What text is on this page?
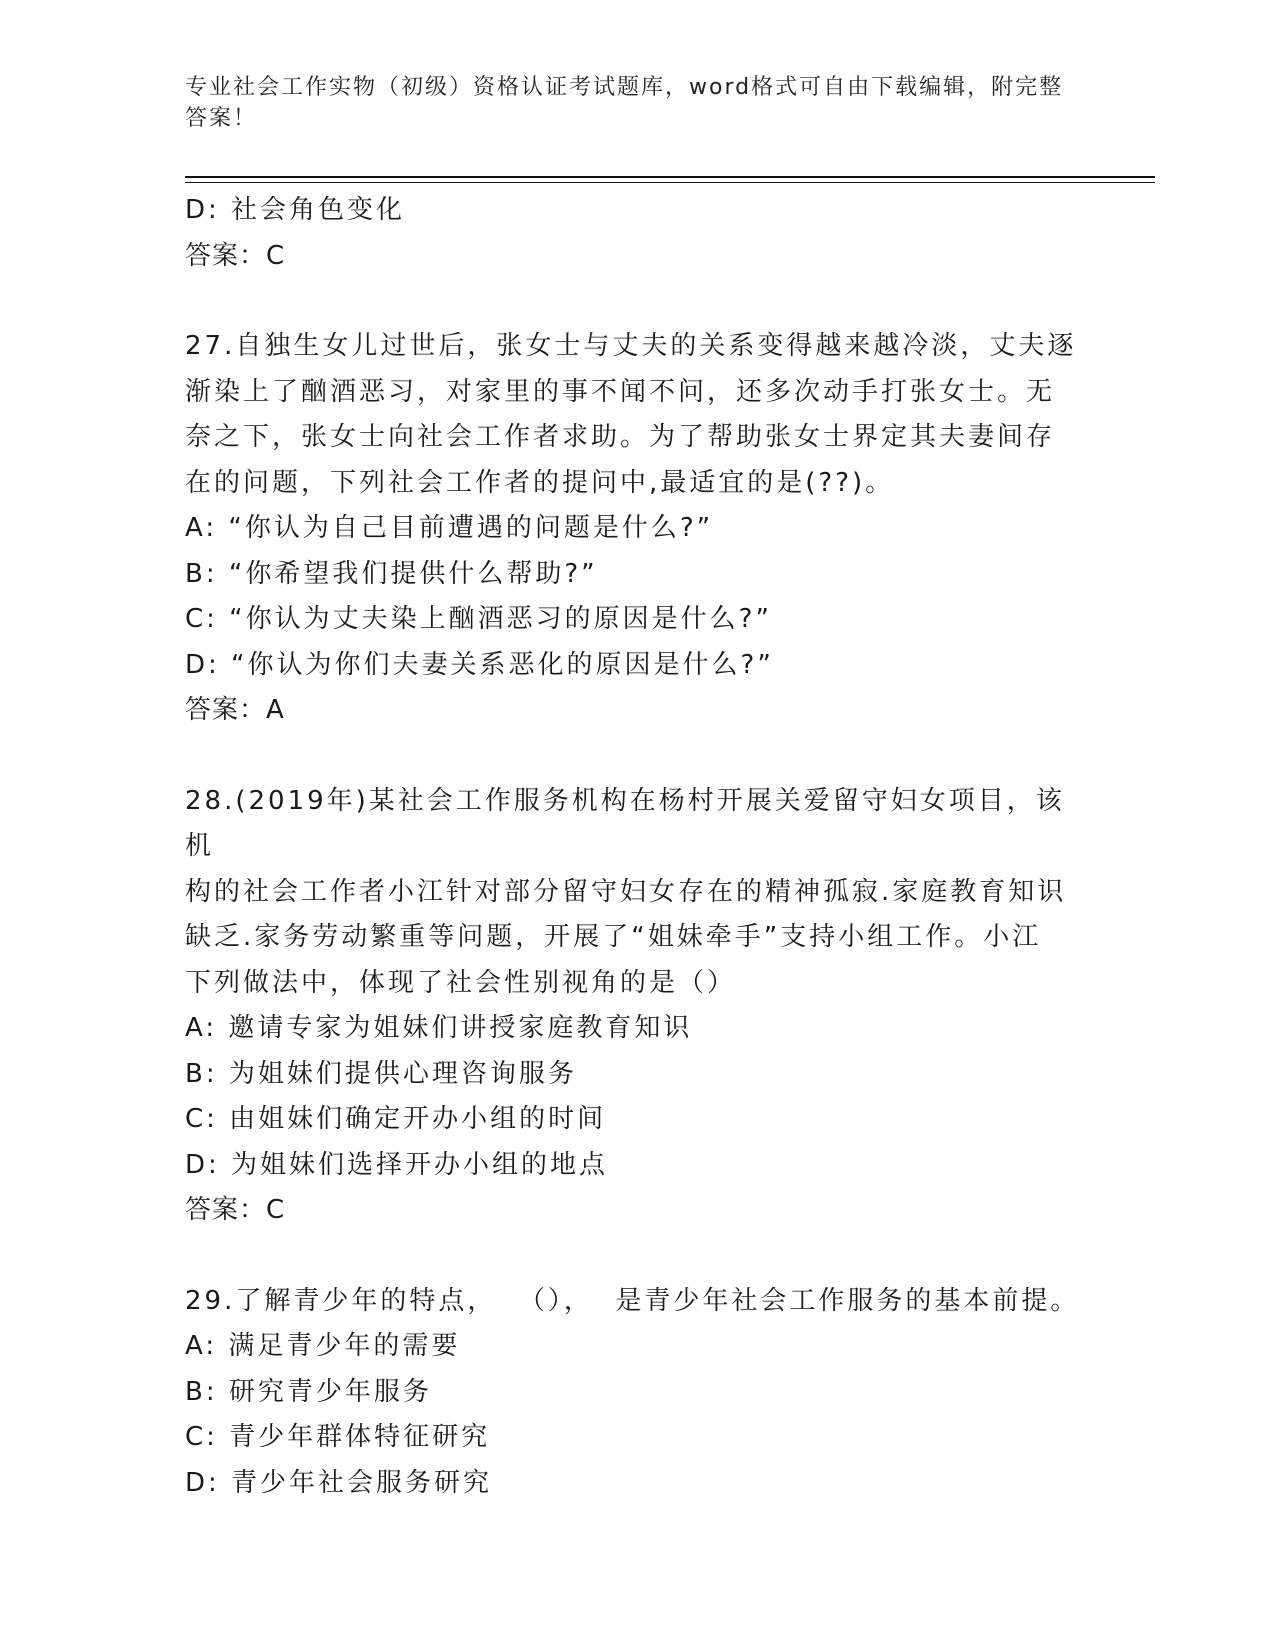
专业社会工作实物（初级）资格认证考试题库，word格式可自由下载编辑，附完整答案！
D: 社会角色变化
答案：C
27.自独生女儿过世后，张女士与丈夫的关系变得越来越冷淡，丈夫逐
渐染上了酗酒恶习，对家里的事不闻不问，还多次动手打张女士。无
奈之下，张女士向社会工作者求助。为了帮助张女士界定其夫妻间存
在的问题，下列社会工作者的提问中,最适宜的是(??)。
A: “你认为自己目前遭遇的问题是什么?”
B: “你希望我们提供什么帮助?”
C: “你认为丈夫染上酗酒恶习的原因是什么?”
D: “你认为你们夫妻关系恶化的原因是什么?”
答案：A
28.(2019年)某社会工作服务机构在杨村开展关爱留守妇女项目，该机
构的社会工作者小江针对部分留守妇女存在的精神孤寂.家庭教育知识
缺乏.家务劳动繁重等问题，开展了“姐妹牵手”支持小组工作。小江
下列做法中，体现了社会性别视角的是（）
A: 邀请专家为姐妹们讲授家庭教育知识
B: 为姐妹们提供心理咨询服务
C: 由姐妹们确定开办小组的时间
D: 为姐妹们选择开办小组的地点
答案：C
29.了解青少年的特点，  （），  是青少年社会工作服务的基本前提。
A: 满足青少年的需要
B: 研究青少年服务
C: 青少年群体特征研究
D: 青少年社会服务研究
